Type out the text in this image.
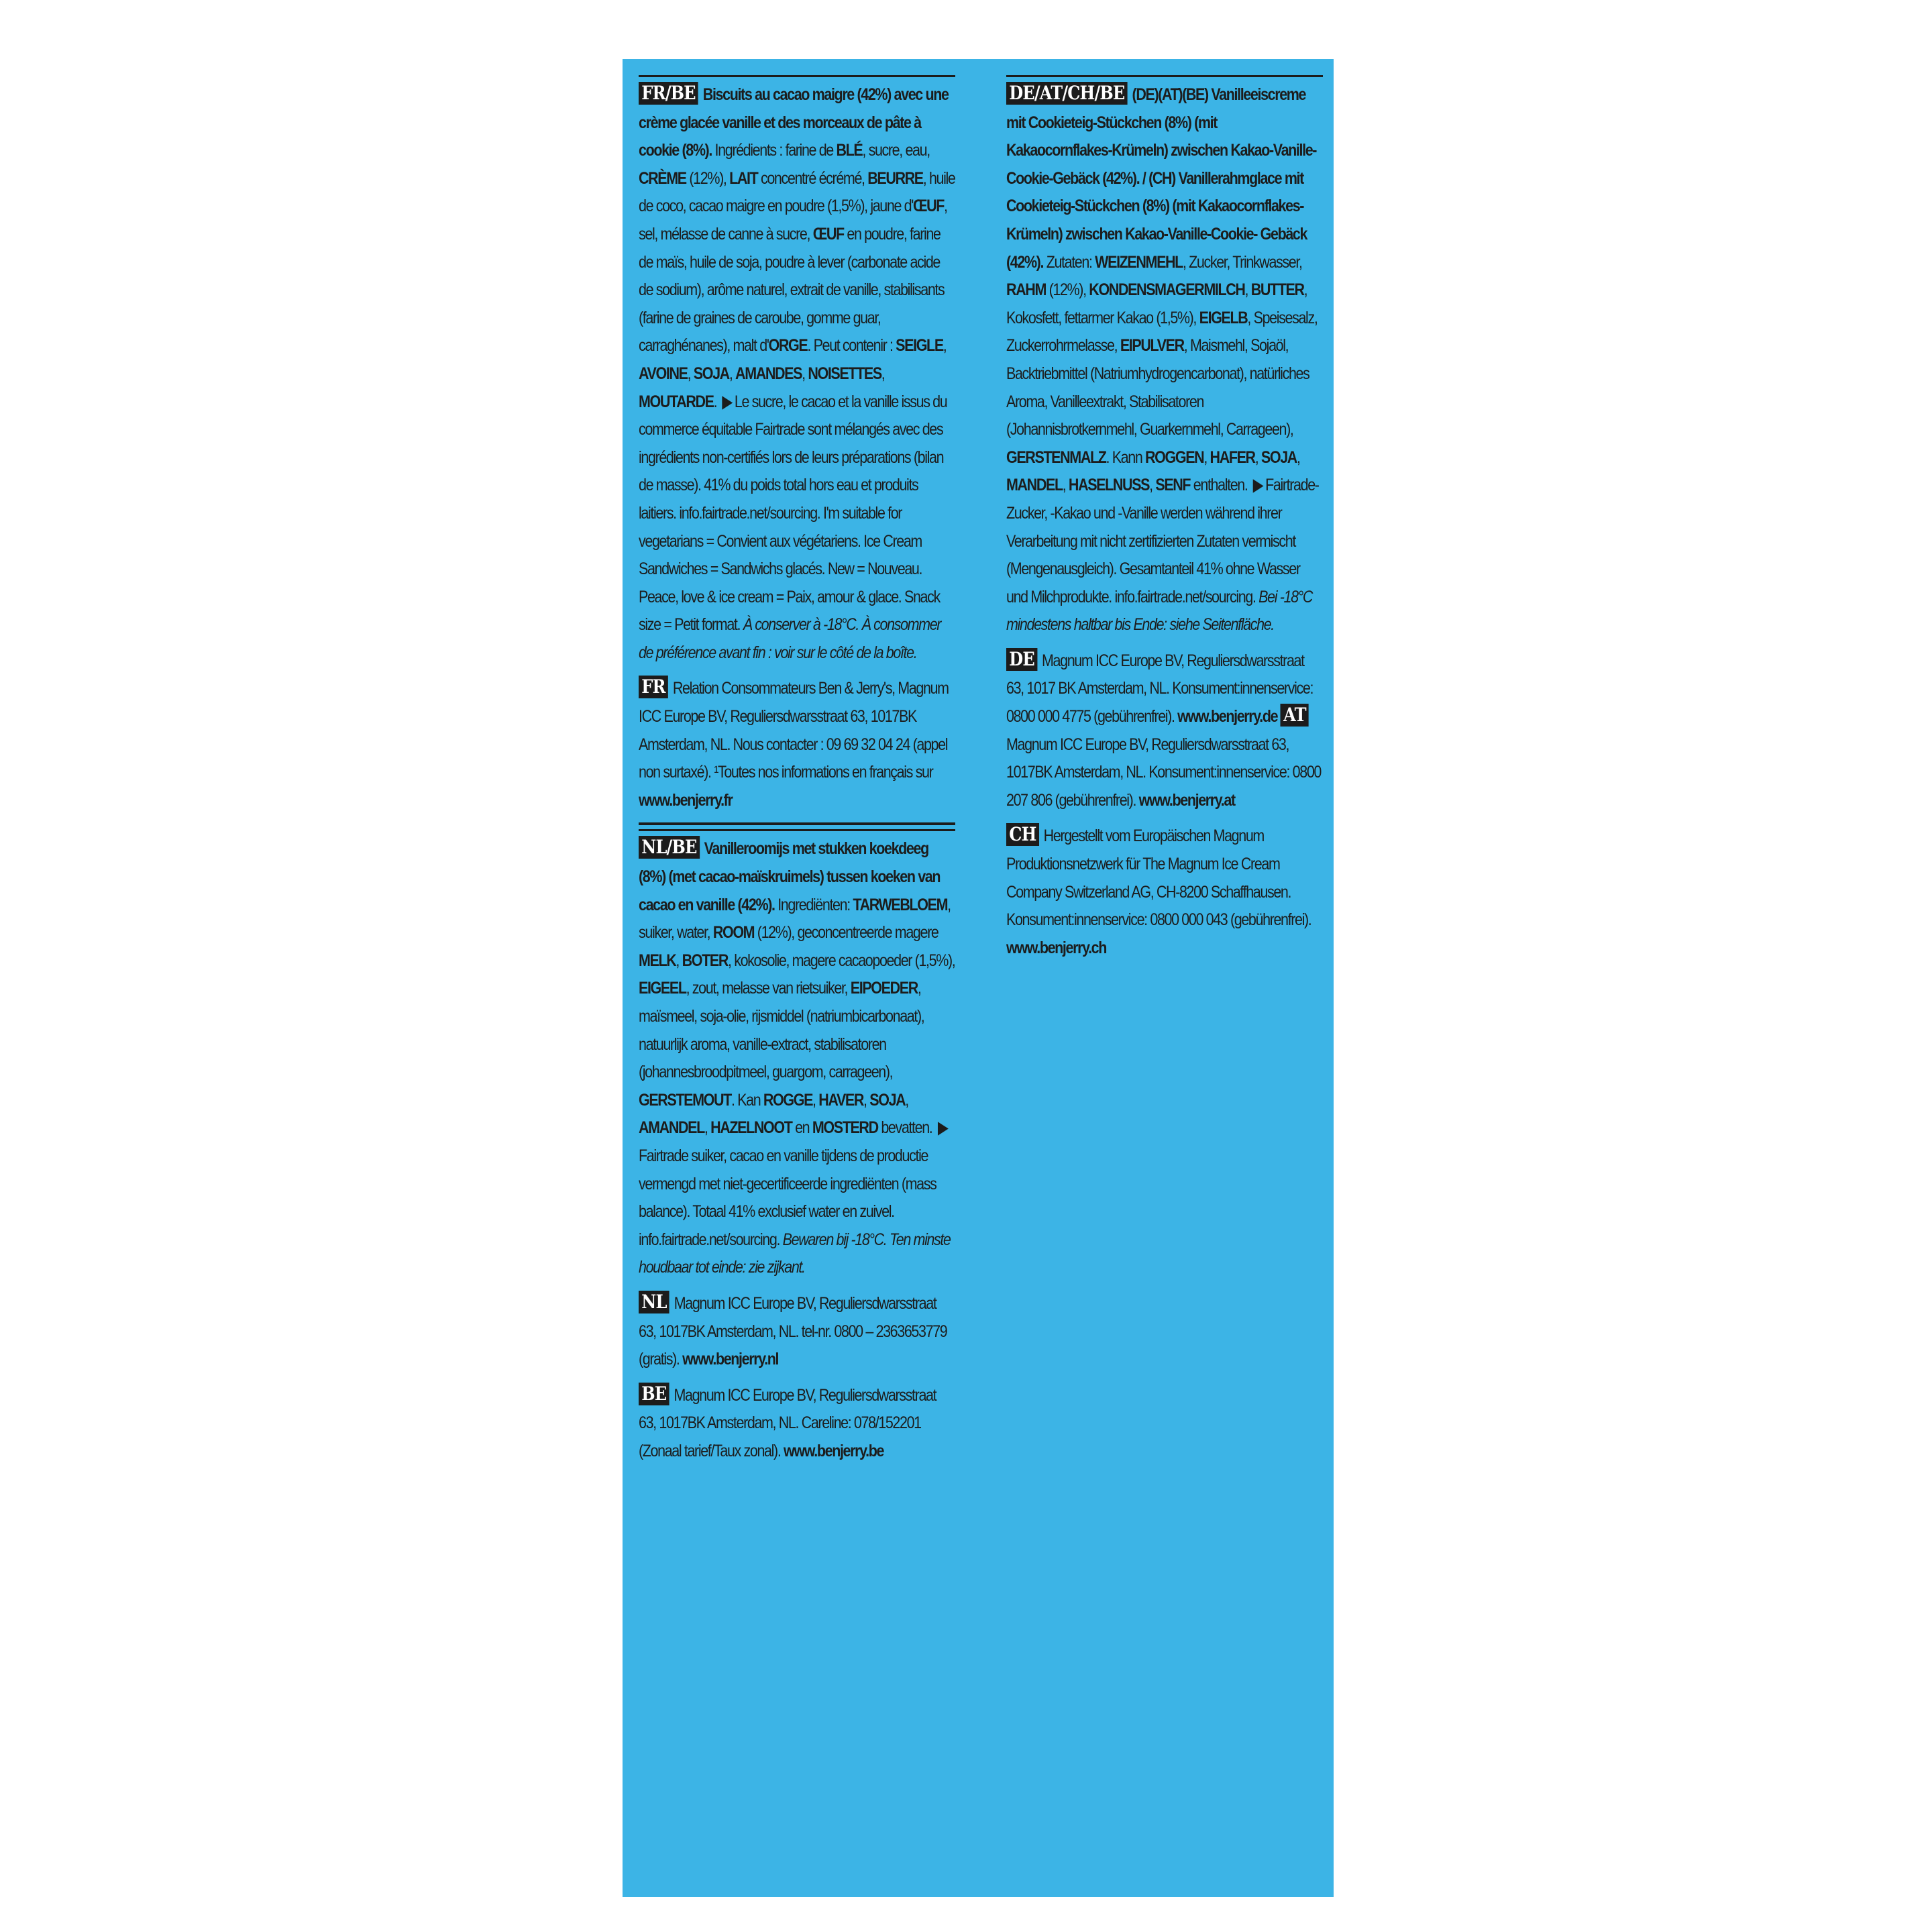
FR/BE Biscuits au cacao maigre (42%) avec une crème glacée vanille et des morceaux de pâte à cookie (8%). Ingrédients : farine de BLÉ, sucre, eau, CRÈME (12%), LAIT concentré écrémé, BEURRE, huile de coco, cacao maigre en poudre (1,5%), jaune d'ŒUF, sel, mélasse de canne à sucre, ŒUF en poudre, farine de maïs, huile de soja, poudre à lever (carbonate acide de sodium), arôme naturel, extrait de vanille, stabilisants (farine de graines de caroube, gomme guar, carraghénanes), malt d'ORGE. Peut contenir : SEIGLE, AVOINE, SOJA, AMANDES, NOISETTES, MOUTARDE. ▶ Le sucre, le cacao et la vanille issus du commerce équitable Fairtrade sont mélangés avec des ingrédients non-certifiés lors de leurs préparations (bilan de masse). 41% du poids total hors eau et produits laitiers. info.fairtrade.net/sourcing. I'm suitable for vegetarians = Convient aux végétariens. Ice Cream Sandwiches = Sandwichs glacés. New = Nouveau. Peace, love & ice cream = Paix, amour & glace. Snack size = Petit format. À conserver à -18°C. À consommer de préférence avant fin : voir sur le côté de la boîte.
FR Relation Consommateurs Ben & Jerry's, Magnum ICC Europe BV, Reguliersdwarsstraat 63, 1017BK Amsterdam, NL. Nous contacter : 09 69 32 04 24 (appel non surtaxé). ¹Toutes nos informations en français sur www.benjerry.fr
NL/BE Vanilleroomijs met stukken koekdeeg (8%) (met cacao-maïskruimels) tussen koeken van cacao en vanille (42%). Ingrediënten: TARWEBLOEM, suiker, water, ROOM (12%), geconcentreerde magere MELK, BOTER, kokosolie, magere cacaopoeder (1,5%), EIGEEL, zout, melasse van rietsuiker, EIPOEDER, maïsmeel, soja-olie, rijsmiddel (natriumbicarbonaat), natuurlijk aroma, vanille-extract, stabilisatoren (johannesbroodpitmeel, guargom, carrageen), GERSTEMOUT. Kan ROGGE, HAVER, SOJA, AMANDEL, HAZELNOOT en MOSTERD bevatten. ▶Fairtrade suiker, cacao en vanille tijdens de productie vermengd met niet-gecertificeerde ingrediënten (mass balance). Totaal 41% exclusief water en zuivel. info.fairtrade.net/sourcing. Bewaren bij -18°C. Ten minste houdbaar tot einde: zie zijkant.
NL Magnum ICC Europe BV, Reguliersdwarsstraat 63, 1017BK Amsterdam, NL. tel-nr. 0800 – 2363653779 (gratis). www.benjerry.nl
BE Magnum ICC Europe BV, Reguliersdwarsstraat 63, 1017BK Amsterdam, NL. Careline: 078/152201 (Zonaal tarief/Taux zonal). www.benjerry.be
DE/AT/CH/BE (DE)(AT)(BE) Vanilleeiscreme mit Cookieteig-Stückchen (8%) (mit Kakaocornflakes-Krümeln) zwischen Kakao-Vanille-Cookie-Gebäck (42%). / (CH) Vanillerahmglace mit Cookieteig-Stückchen (8%) (mit Kakaocornflakes-Krümeln) zwischen Kakao-Vanille-Cookie- Gebäck (42%). Zutaten: WEIZENMEHL, Zucker, Trinkwasser, RAHM (12%), KONDENSMAGERMILCH, BUTTER, Kokosfett, fettarmer Kakao (1,5%), EIGELB, Speisesalz, Zuckerrohrmelasse, EIPULVER, Maismehl, Sojaöl, Backtriebmittel (Natriumhydrogencarbonat), natürliches Aroma, Vanilleextrakt, Stabilisatoren (Johannisbrotkernmehl, Guarkernmehl, Carrageen), GERSTENMALZ. Kann ROGGEN, HAFER, SOJA, MANDEL, HASELNUSS, SENF enthalten. ▶ Fairtrade-Zucker, -Kakao und -Vanille werden während ihrer Verarbeitung mit nicht zertifizierten Zutaten vermischt (Mengenausgleich). Gesamtanteil 41% ohne Wasser und Milchprodukte. info.fairtrade.net/sourcing. Bei -18°C mindestens haltbar bis Ende: siehe Seitenfläche.
DE Magnum ICC Europe BV, Reguliersdwarsstraat 63, 1017 BK Amsterdam, NL. Konsument:innenservice: 0800 000 4775 (gebührenfrei). www.benjerry.de ATMagnum ICC Europe BV, Reguliersdwarsstraat 63, 1017BK Amsterdam, NL. Konsument:innenservice: 0800 207 806 (gebührenfrei). www.benjerry.at
CH Hergestellt vom Europäischen Magnum Produktionsnetzwerk für The Magnum Ice Cream Company Switzerland AG, CH-8200 Schaffhausen. Konsument:innenservice: 0800 000 043 (gebührenfrei). www.benjerry.ch
